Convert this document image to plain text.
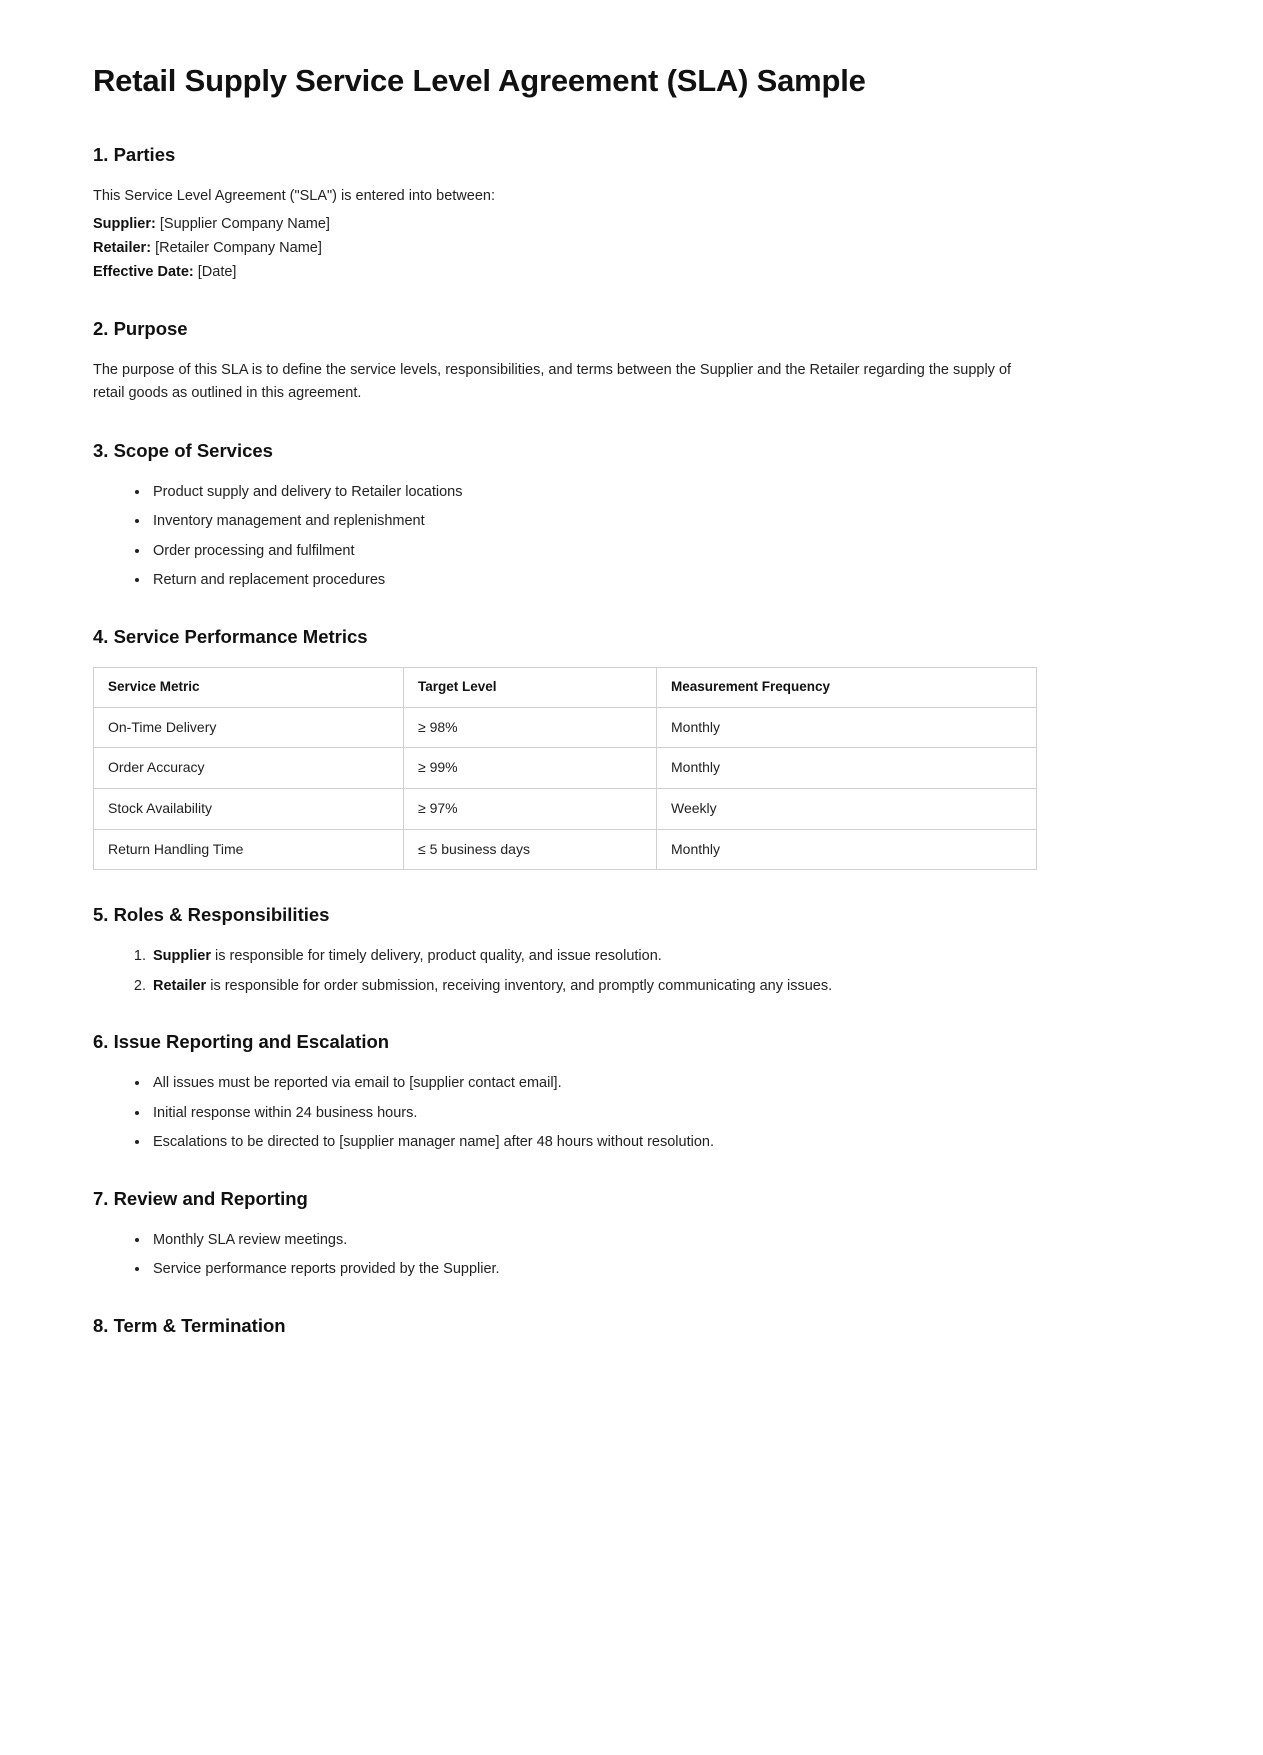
Retail Supply Service Level Agreement (SLA) Sample
1. Parties

This Service Level Agreement ("SLA") is entered into between:

Supplier: [Supplier Company Name]

Retailer: [Retailer Company Name]

Effective Date: [Date]

2. Purpose

The purpose of this SLA is to define the service levels, responsibilities, and terms between the Supplier and the Retailer regarding the supply of retail goods as outlined in this agreement.

3. Scope of Services
• Product supply and delivery to Retailer locations
• Inventory management and replenishment
• Order processing and fulfilment
• Return and replacement procedures
4. Service Performance Metrics
Service Metric	Target Level	Measurement Frequency
On-Time Delivery	≥ 98%	Monthly
Order Accuracy	≥ 99%	Monthly
Stock Availability	≥ 97%	Weekly
Return Handling Time	≤ 5 business days	Monthly
5. Roles & Responsibilities
1. Supplier is responsible for timely delivery, product quality, and issue resolution.
2. Retailer is responsible for order submission, receiving inventory, and promptly communicating any issues.
6. Issue Reporting and Escalation
• All issues must be reported via email to [supplier contact email].
• Initial response within 24 business hours.
• Escalations to be directed to [supplier manager name] after 48 hours without resolution.
7. Review and Reporting
• Monthly SLA review meetings.
• Service performance reports provided by the Supplier.
8. Term & Termination
